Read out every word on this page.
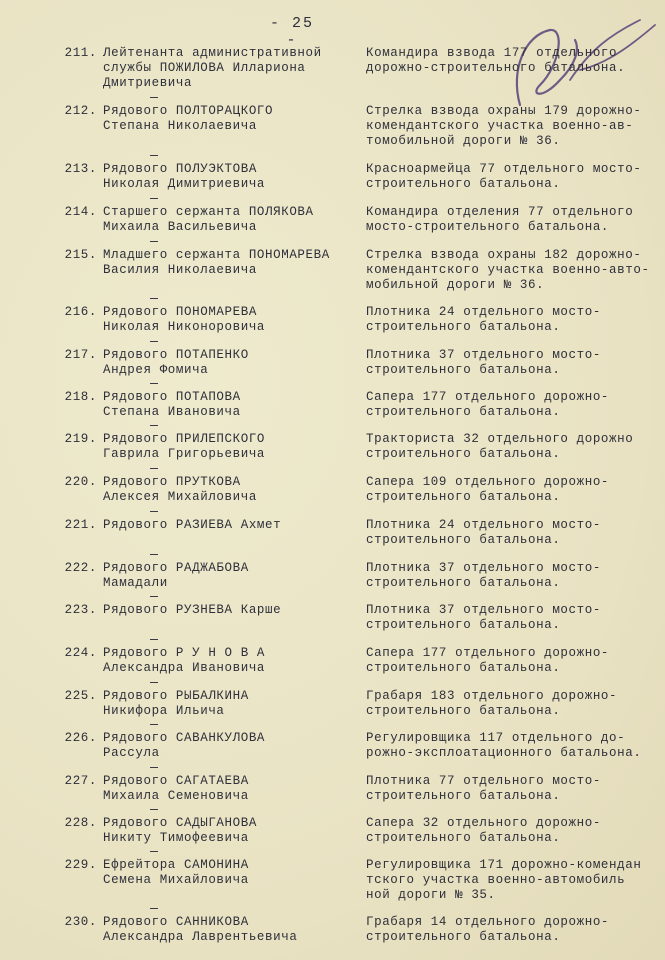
- 25 -
211. Лейтенанта административной
службы ПОЖИЛОВА Иллариона
Дмитриевича
Командира взвода 177 отдельного
дорожно-строительного батальона.
212. Рядового ПОЛТОРАЦКОГО
Степана Николаевича
Стрелка взвода охраны 179 дорожно-
комендантского участка военно-ав-
томобильной дороги № 36.
213. Рядового ПОЛУЭКТОВА
Николая Димитриевича
Красноармейца 77 отдельного мосто-
строительного батальона.
214. Старшего сержанта ПОЛЯКОВА
Михаила Васильевича
Командира отделения 77 отдельного
мосто-строительного батальона.
215. Младшего сержанта ПОНОМАРЕВА
Василия Николаевича
Стрелка взвода охраны 182 дорожно-
комендантского участка военно-авто-
мобильной дороги № 36.
216. Рядового ПОНОМАРЕВА
Николая Никоноровича
Плотника 24 отдельного мосто-
строительного батальона.
217. Рядового ПОТАПЕНКО
Андрея Фомича
Плотника 37 отдельного мосто-
строительного батальона.
218. Рядового ПОТАПОВА
Степана Ивановича
Сапера 177 отдельного дорожно-
строительного батальона.
219. Рядового ПРИЛЕПСКОГО
Гаврила Григорьевича
Тракториста 32 отдельного дорожно
строительного батальона.
220. Рядового ПРУТКОВА
Алексея Михайловича
Сапера 109 отдельного дорожно-
строительного батальона.
221. Рядового РАЗИЕВА Ахмет	Плотника 24 отдельного мосто-
строительного батальона.
222. Рядового РАДЖАБОВА
Мамадали
Плотника 37 отдельного мосто-
строительного батальона.
223. Рядового РУЗНЕВА Карше	Плотника 37 отдельного мосто-
строительного батальона.
224. Рядового Р У Н О В А
Александра Ивановича
Сапера 177 отдельного дорожно-
строительного батальона.
225. Рядового РЫБАЛКИНА
Никифора Ильича
Грабаря 183 отдельного дорожно-
строительного батальона.
226. Рядового САВАНКУЛОВА
Рассула
Регулировщика 117 отдельного до-
рожно-эксплоатационного батальона.
227. Рядового САГАТАЕВА
Михаила Семеновича
Плотника 77 отдельного мосто-
строительного батальона.
228. Рядового САДЫГАНОВА
Никиту Тимофеевича
Сапера 32 отдельного дорожно-
строительного батальона.
229. Ефрейтора САМОНИНА
Семена Михайловича
Регулировщика 171 дорожно-комендан
тского участка военно-автомобиль
ной дороги № 35.
230. Рядового САННИКОВА
Александра Лаврентьевича
Грабаря 14 отдельного дорожно-
строительного батальона.
